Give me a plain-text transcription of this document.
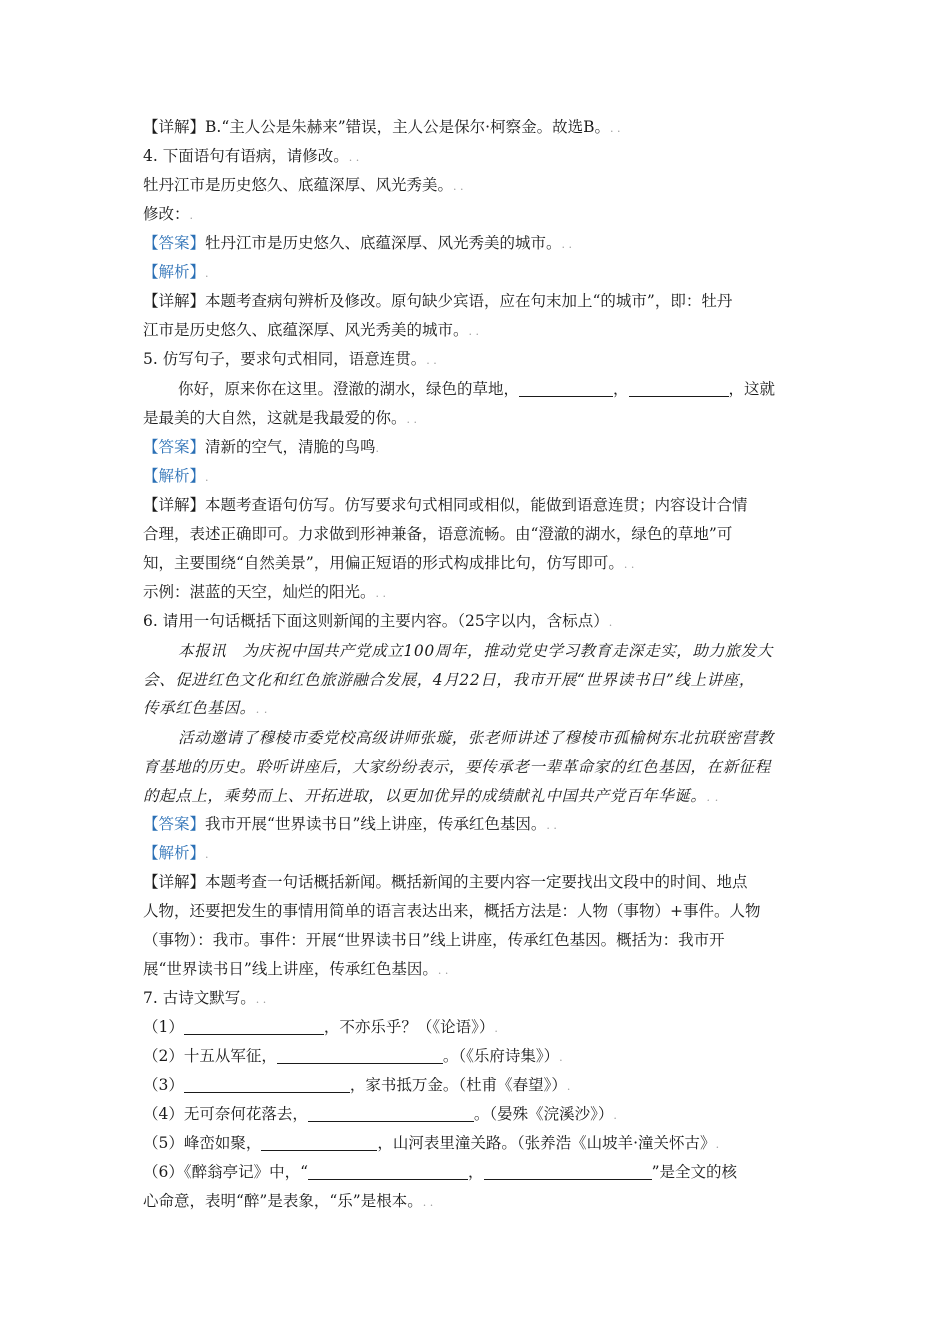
【详解】B.“主人公是朱赫来”错误，主人公是保尔·柯察金。故选B。. .
4. 下面语句有语病，请修改。. .
牡丹江市是历史悠久、底蕴深厚、风光秀美。. .
修改：.
【答案】牡丹江市是历史悠久、底蕴深厚、风光秀美的城市。. .
【解析】.
【详解】本题考查病句辨析及修改。原句缺少宾语，应在句末加上“的城市”，即：牡丹
江市是历史悠久、底蕴深厚、风光秀美的城市。. .
5. 仿写句子，要求句式相同，语意连贯。. .
你好，原来你在这里。澄澈的湖水，绿色的草地，	，	，这就
是最美的大自然，这就是我最爱的你。. .
【答案】清新的空气，清脆的鸟鸣.
【解析】.
【详解】本题考查语句仿写。仿写要求句式相同或相似，能做到语意连贯；内容设计合情
合理，表述正确即可。力求做到形神兼备，语意流畅。由“澄澈的湖水，绿色的草地”可
知，主要围绕“自然美景”，用偏正短语的形式构成排比句，仿写即可。. .
示例：湛蓝的天空，灿烂的阳光。. .
6. 请用一句话概括下面这则新闻的主要内容。（25字以内，含标点）.
本报讯　为庆祝中国共产党成立100周年，推动党史学习教育走深走实，助力旅发大
会、促进红色文化和红色旅游融合发展，4月22日，我市开展“世界读书日”线上讲座，
传承红色基因。. .
活动邀请了穆棱市委党校高级讲师张璇，张老师讲述了穆棱市孤榆树东北抗联密营教
育基地的历史。聆听讲座后，大家纷纷表示，要传承老一辈革命家的红色基因，在新征程
的起点上，乘势而上、开拓进取，以更加优异的成绩献礼中国共产党百年华诞。. .
【答案】我市开展“世界读书日”线上讲座，传承红色基因。. .
【解析】.
【详解】本题考查一句话概括新闻。概括新闻的主要内容一定要找出文段中的时间、地点
人物，还要把发生的事情用简单的语言表达出来，概括方法是：人物（事物）+事件。人物
（事物）：我市。事件：开展“世界读书日”线上讲座，传承红色基因。概括为：我市开
展“世界读书日”线上讲座，传承红色基因。. .
7. 古诗文默写。. .
（1）	，不亦乐乎？（《论语》）.
（2）十五从军征，	。（《乐府诗集》）.
（3）	，家书抵万金。（杜甫《春望》）.
（4）无可奈何花落去，	。（晏殊《浣溪沙》）.
（5）峰峦如聚，	，山河表里潼关路。（张养浩《山坡羊·潼关怀古》.
（6）《醉翁亭记》中，“	，	”是全文的核
心命意，表明“醉”是表象，“乐”是根本。. .
